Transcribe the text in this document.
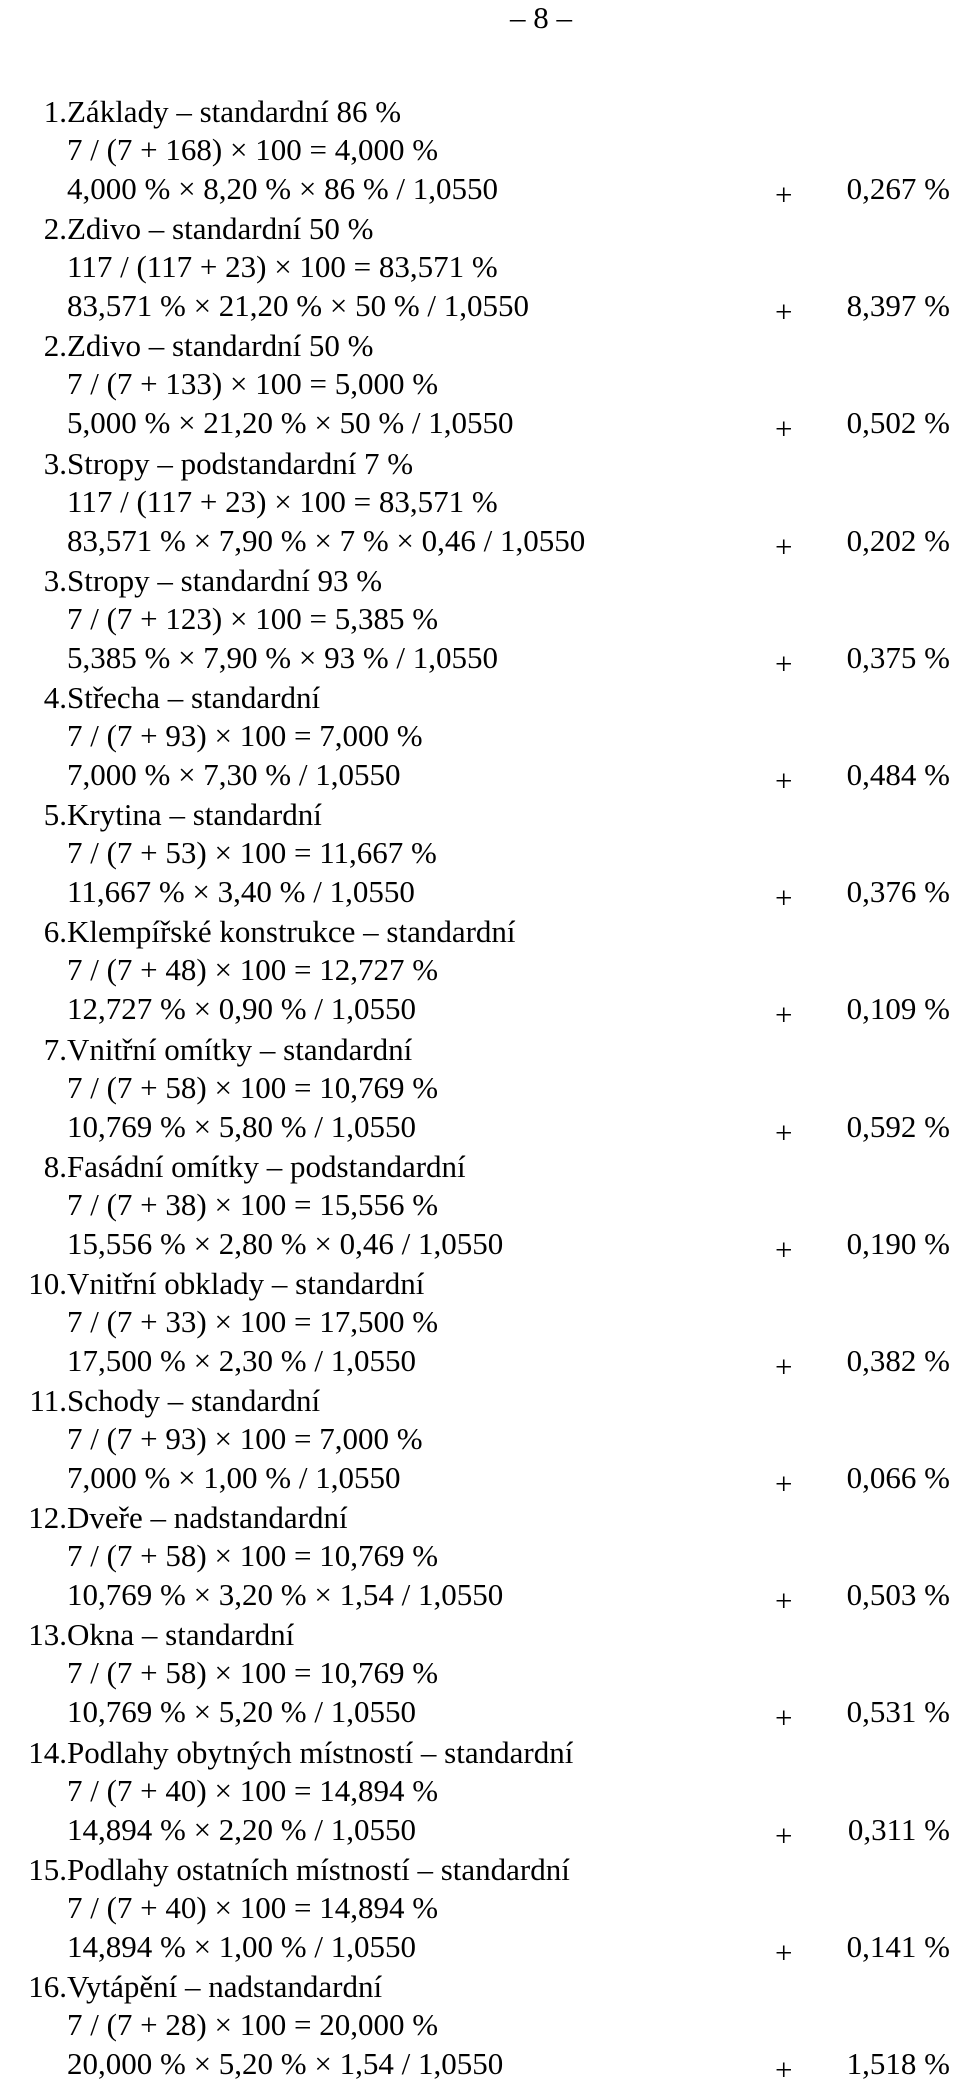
– 8 –
1. Základy – standardní 86 %
7 / (7 + 168) × 100 = 4,000 %
4,000 % × 8,20 % × 86 % / 1,0550	+ 0,267 %
2. Zdivo – standardní 50 %
117 / (117 + 23) × 100 = 83,571 %
83,571 % × 21,20 % × 50 % / 1,0550	+ 8,397 %
2. Zdivo – standardní 50 %
7 / (7 + 133) × 100 = 5,000 %
5,000 % × 21,20 % × 50 % / 1,0550	+ 0,502 %
3. Stropy – podstandardní 7 %
117 / (117 + 23) × 100 = 83,571 %
83,571 % × 7,90 % × 7 % × 0,46 / 1,0550	+ 0,202 %
3. Stropy – standardní 93 %
7 / (7 + 123) × 100 = 5,385 %
5,385 % × 7,90 % × 93 % / 1,0550	+ 0,375 %
4. Střecha – standardní
7 / (7 + 93) × 100 = 7,000 %
7,000 % × 7,30 % / 1,0550	+ 0,484 %
5. Krytina – standardní
7 / (7 + 53) × 100 = 11,667 %
11,667 % × 3,40 % / 1,0550	+ 0,376 %
6. Klempířské konstrukce – standardní
7 / (7 + 48) × 100 = 12,727 %
12,727 % × 0,90 % / 1,0550	+ 0,109 %
7. Vnitřní omítky – standardní
7 / (7 + 58) × 100 = 10,769 %
10,769 % × 5,80 % / 1,0550	+ 0,592 %
8. Fasádní omítky – podstandardní
7 / (7 + 38) × 100 = 15,556 %
15,556 % × 2,80 % × 0,46 / 1,0550	+ 0,190 %
10. Vnitřní obklady – standardní
7 / (7 + 33) × 100 = 17,500 %
17,500 % × 2,30 % / 1,0550	+ 0,382 %
11. Schody – standardní
7 / (7 + 93) × 100 = 7,000 %
7,000 % × 1,00 % / 1,0550	+ 0,066 %
12. Dveře – nadstandardní
7 / (7 + 58) × 100 = 10,769 %
10,769 % × 3,20 % × 1,54 / 1,0550	+ 0,503 %
13. Okna – standardní
7 / (7 + 58) × 100 = 10,769 %
10,769 % × 5,20 % / 1,0550	+ 0,531 %
14. Podlahy obytných místností – standardní
7 / (7 + 40) × 100 = 14,894 %
14,894 % × 2,20 % / 1,0550	+ 0,311 %
15. Podlahy ostatních místností – standardní
7 / (7 + 40) × 100 = 14,894 %
14,894 % × 1,00 % / 1,0550	+ 0,141 %
16. Vytápění – nadstandardní
7 / (7 + 28) × 100 = 20,000 %
20,000 % × 5,20 % × 1,54 / 1,0550	+ 1,518 %
